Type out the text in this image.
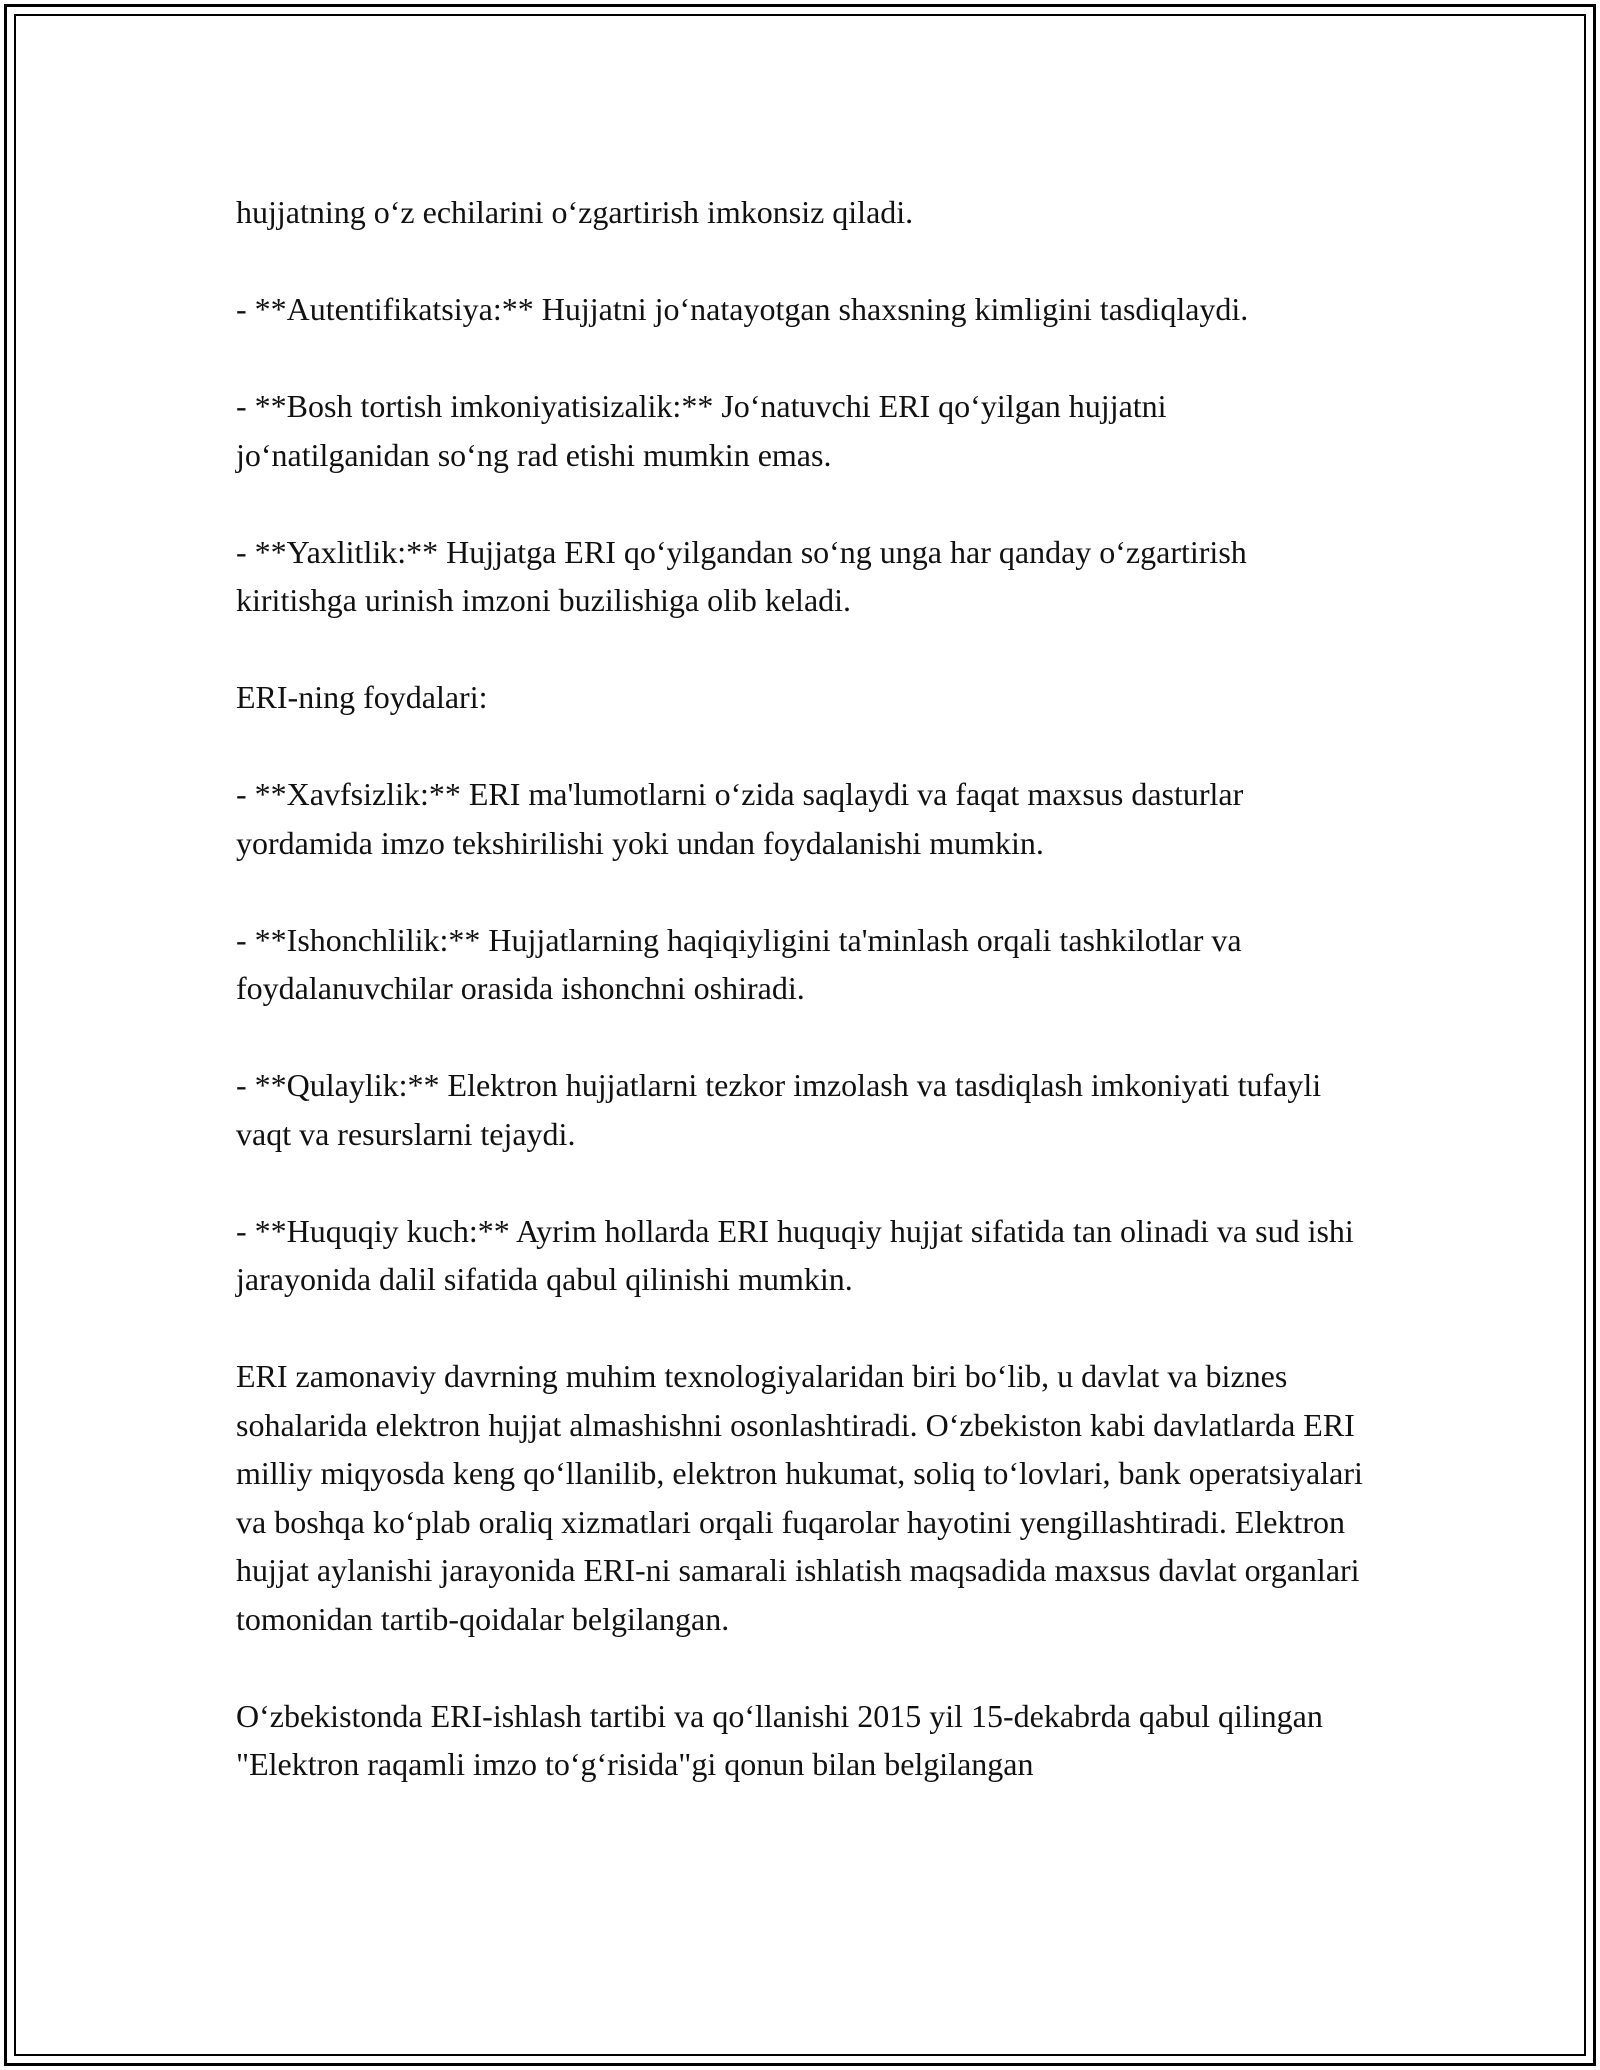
hujjatning o‘z echilarini o‘zgartirish imkonsiz qiladi.

- **Autentifikatsiya:** Hujjatni jo‘natayotgan shaxsning kimligini tasdiqlaydi.

- **Bosh tortish imkoniyatisizalik:** Jo‘natuvchi ERI qo‘yilgan hujjatni jo‘natilganidan so‘ng rad etishi mumkin emas.

- **Yaxlitlik:** Hujjatga ERI qo‘yilgandan so‘ng unga har qanday o‘zgartirish kiritishga urinish imzoni buzilishiga olib keladi.

ERI-ning foydalari:

- **Xavfsizlik:** ERI ma'lumotlarni o‘zida saqlaydi va faqat maxsus dasturlar yordamida imzo tekshirilishi yoki undan foydalanishi mumkin.

- **Ishonchlilik:** Hujjatlarning haqiqiyligini ta'minlash orqali tashkilotlar va foydalanuvchilar orasida ishonchni oshiradi.

- **Qulaylik:** Elektron hujjatlarni tezkor imzolash va tasdiqlash imkoniyati tufayli vaqt va resurslarni tejaydi.

- **Huquqiy kuch:** Ayrim hollarda ERI huquqiy hujjat sifatida tan olinadi va sud ishi jarayonida dalil sifatida qabul qilinishi mumkin.

ERI zamonaviy davrning muhim texnologiyalaridan biri bo‘lib, u davlat va biznes sohalarida elektron hujjat almashishni osonlashtiradi. O‘zbekiston kabi davlatlarda ERI milliy miqyosda keng qo‘llanilib, elektron hukumat, soliq to‘lovlari, bank operatsiyalari va boshqa ko‘plab oraliq xizmatlari orqali fuqarolar hayotini yengillashtiradi. Elektron hujjat aylanishi jarayonida ERI-ni samarali ishlatish maqsadida maxsus davlat organlari tomonidan tartib-qoidalar belgilangan.

O‘zbekistonda ERI-ishlash tartibi va qo‘llanishi 2015 yil 15-dekabrda qabul qilingan "Elektron raqamli imzo to‘g‘risida"gi qonun bilan belgilangan
